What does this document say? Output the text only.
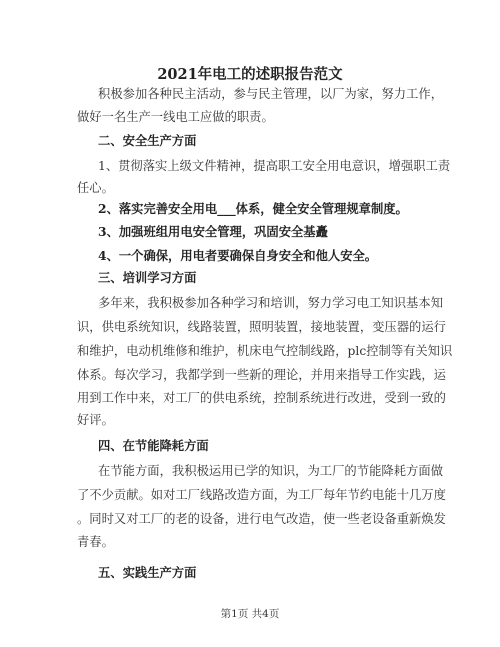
2021年电工的述职报告范文
积极参加各种民主活动，参与民主管理，以厂为家，努力工作，
做好一名生产一线电工应做的职责。
二、安全生产方面
1、贯彻落实上级文件精神，提高职工安全用电意识，增强职工责
任心。
2、落实完善安全用电___体系，健全安全管理规章制度。
3、加强班组用电安全管理，巩固安全基矗
4、一个确保，用电者要确保自身安全和他人安全。
三、培训学习方面
多年来，我积极参加各种学习和培训，努力学习电工知识基本知
识，供电系统知识，线路装置，照明装置，接地装置，变压器的运行
和维护，电动机维修和维护，机床电气控制线路，plc控制等有关知识
体系。每次学习，我都学到一些新的理论，并用来指导工作实践，运
用到工作中来，对工厂的供电系统，控制系统进行改进，受到一致的
好评。
四、在节能降耗方面
在节能方面，我积极运用已学的知识，为工厂的节能降耗方面做
了不少贡献。如对工厂线路改造方面，为工厂每年节约电能十几万度
。同时又对工厂的老的设备，进行电气改造，使一些老设备重新焕发
青春。
五、实践生产方面
第1页 共4页
